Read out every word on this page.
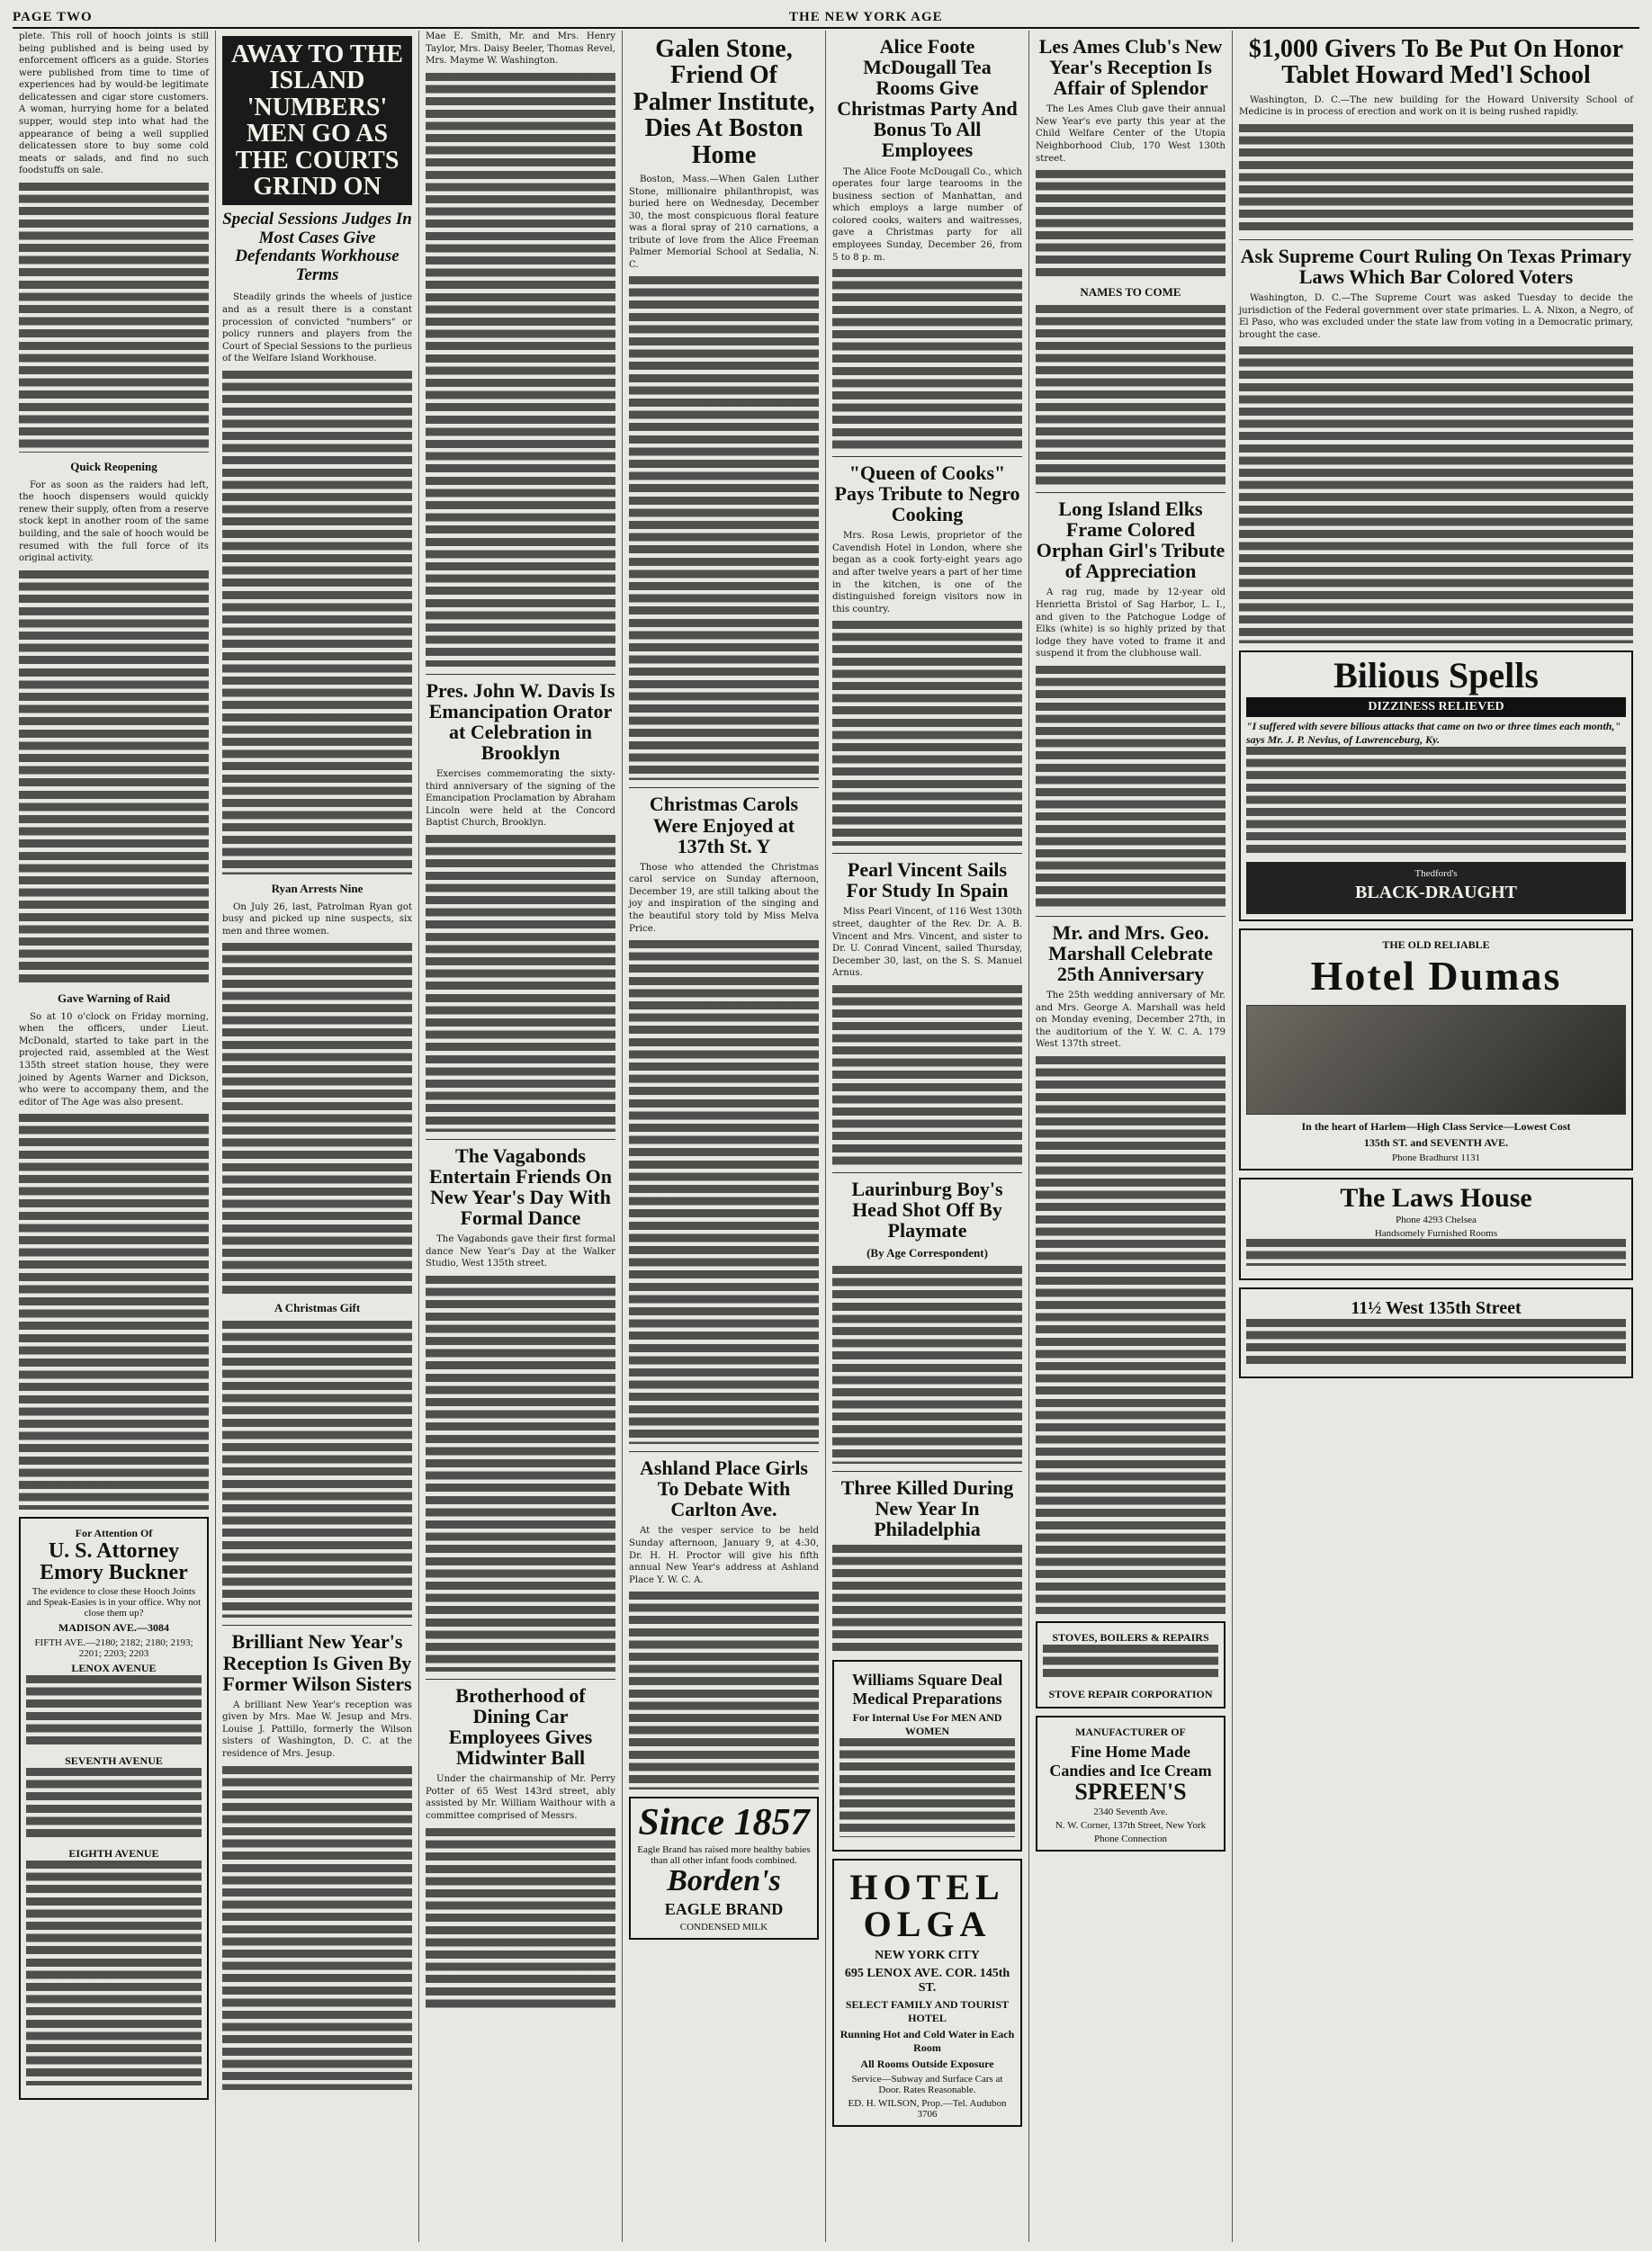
PAGE TWO	THE NEW YORK AGE

plete. This roll of hooch joints is still being published and is being used by enforcement officers as a guide. Stories were published from time to time of experiences had by would-be legitimate delicatessen and cigar store customers. A woman, hurrying home for a belated supper, would step into what had the appearance of being a well supplied delicatessen store to buy some cold meats or salads, and find no such foodstuffs on sale.

Quick Reopening

For as soon as the raiders had left, the hooch dispensers would quickly renew their supply, often from a reserve stock kept in another room of the same building, and the sale of hooch would be resumed with the full force of its original activity.

Gave Warning of Raid

So at 10 o'clock on Friday morning, when the officers, under Lieut. McDonald, started to take part in the projected raid, assembled at the West 135th street station house, they were joined by Agents Warner and Dickson, who were to accompany them, and the editor of The Age was also present.

For Attention Of
U. S. Attorney
Emory Buckner
The evidence to close these Hooch Joints and Speak-Easies is in your office. Why not close them up?
MADISON AVE.—3084
FIFTH AVE.—2180; 2182; 2180; 2193; 2201; 2203; 2203
LENOX AVENUE
SEVENTH AVENUE
EIGHTH AVENUE
AWAY TO THE ISLAND 'NUMBERS' MEN GO AS THE COURTS GRIND ON
Special Sessions Judges In Most Cases Give Defendants Workhouse Terms

Steadily grinds the wheels of justice and as a result there is a constant procession of convicted "numbers" or policy runners and players from the Court of Special Sessions to the purlieus of the Welfare Island Workhouse.

Ryan Arrests Nine

On July 26, last, Patrolman Ryan got busy and picked up nine suspects, six men and three women.

A Christmas Gift
Brilliant New Year's Reception Is Given By Former Wilson Sisters

A brilliant New Year's reception was given by Mrs. Mae W. Jesup and Mrs. Louise J. Pattillo, formerly the Wilson sisters of Washington, D. C. at the residence of Mrs. Jesup.

Mae E. Smith, Mr. and Mrs. Henry Taylor, Mrs. Daisy Beeler, Thomas Revel, Mrs. Mayme W. Washington.

Pres. John W. Davis Is Emancipation Orator at Celebration in Brooklyn

Exercises commemorating the sixty-third anniversary of the signing of the Emancipation Proclamation by Abraham Lincoln were held at the Concord Baptist Church, Brooklyn.

The Vagabonds Entertain Friends On New Year's Day With Formal Dance

The Vagabonds gave their first formal dance New Year's Day at the Walker Studio, West 135th street.

Brotherhood of Dining Car Employees Gives Midwinter Ball

Under the chairmanship of Mr. Perry Potter of 65 West 143rd street, ably assisted by Mr. William Waithour with a committee comprised of Messrs.

Galen Stone, Friend Of Palmer Institute, Dies At Boston Home

Boston, Mass.—When Galen Luther Stone, millionaire philanthropist, was buried here on Wednesday, December 30, the most conspicuous floral feature was a floral spray of 210 carnations, a tribute of love from the Alice Freeman Palmer Memorial School at Sedalia, N. C.

Christmas Carols Were Enjoyed at 137th St. Y

Those who attended the Christmas carol service on Sunday afternoon, December 19, are still talking about the joy and inspiration of the singing and the beautiful story told by Miss Melva Price.

Ashland Place Girls To Debate With Carlton Ave.

At the vesper service to be held Sunday afternoon, January 9, at 4:30, Dr. H. H. Proctor will give his fifth annual New Year's address at Ashland Place Y. W. C. A.

Since 1857
Eagle Brand has raised more healthy babies than all other infant foods combined.
Borden's
EAGLE BRAND
CONDENSED MILK
Alice Foote McDougall Tea Rooms Give Christmas Party And Bonus To All Employees

The Alice Foote McDougall Co., which operates four large tearooms in the business section of Manhattan, and which employs a large number of colored cooks, waiters and waitresses, gave a Christmas party for all employees Sunday, December 26, from 5 to 8 p. m.

"Queen of Cooks" Pays Tribute to Negro Cooking

Mrs. Rosa Lewis, proprietor of the Cavendish Hotel in London, where she began as a cook forty-eight years ago and after twelve years a part of her time in the kitchen, is one of the distinguished foreign visitors now in this country.

Pearl Vincent Sails For Study In Spain

Miss Pearl Vincent, of 116 West 130th street, daughter of the Rev. Dr. A. B. Vincent and Mrs. Vincent, and sister to Dr. U. Conrad Vincent, sailed Thursday, December 30, last, on the S. S. Manuel Arnus.

Laurinburg Boy's Head Shot Off By Playmate
(By Age Correspondent)
Three Killed During New Year In Philadelphia
Williams Square Deal Medical Preparations
For Internal Use For MEN AND WOMEN
HOTEL
OLGA
NEW YORK CITY
695 LENOX AVE. COR. 145th ST.
SELECT FAMILY AND TOURIST HOTEL
Running Hot and Cold Water in Each Room
All Rooms Outside Exposure
Service—Subway and Surface Cars at Door. Rates Reasonable.
ED. H. WILSON, Prop.—Tel. Audubon 3706
Les Ames Club's New Year's Reception Is Affair of Splendor

The Les Ames Club gave their annual New Year's eve party this year at the Child Welfare Center of the Utopia Neighborhood Club, 170 West 130th street.

NAMES TO COME
Long Island Elks Frame Colored Orphan Girl's Tribute of Appreciation

A rag rug, made by 12-year old Henrietta Bristol of Sag Harbor, L. I., and given to the Patchogue Lodge of Elks (white) is so highly prized by that lodge they have voted to frame it and suspend it from the clubhouse wall.

Mr. and Mrs. Geo. Marshall Celebrate 25th Anniversary

The 25th wedding anniversary of Mr. and Mrs. George A. Marshall was held on Monday evening, December 27th, in the auditorium of the Y. W. C. A. 179 West 137th street.

STOVES, BOILERS & REPAIRS
STOVE REPAIR CORPORATION
MANUFACTURER OF
Fine Home Made Candies and Ice Cream
SPREEN'S
2340 Seventh Ave.
N. W. Corner, 137th Street, New York
Phone Connection
$1,000 Givers To Be Put On Honor Tablet Howard Med'l School

Washington, D. C.—The new building for the Howard University School of Medicine is in process of erection and work on it is being rushed rapidly.

Ask Supreme Court Ruling On Texas Primary Laws Which Bar Colored Voters

Washington, D. C.—The Supreme Court was asked Tuesday to decide the jurisdiction of the Federal government over state primaries. L. A. Nixon, a Negro, of El Paso, who was excluded under the state law from voting in a Democratic primary, brought the case.

Bilious Spells
DIZZINESS RELIEVED
"I suffered with severe bilious attacks that came on two or three times each month," says Mr. J. P. Nevius, of Lawrenceburg, Ky.
Thedford's
BLACK-DRAUGHT
THE OLD RELIABLE
Hotel Dumas
In the heart of Harlem—High Class Service—Lowest Cost
135th ST. and SEVENTH AVE.
Phone Bradhurst 1131
The Laws House
Phone 4293 Chelsea
Handsomely Furnished Rooms
11½ West 135th Street
